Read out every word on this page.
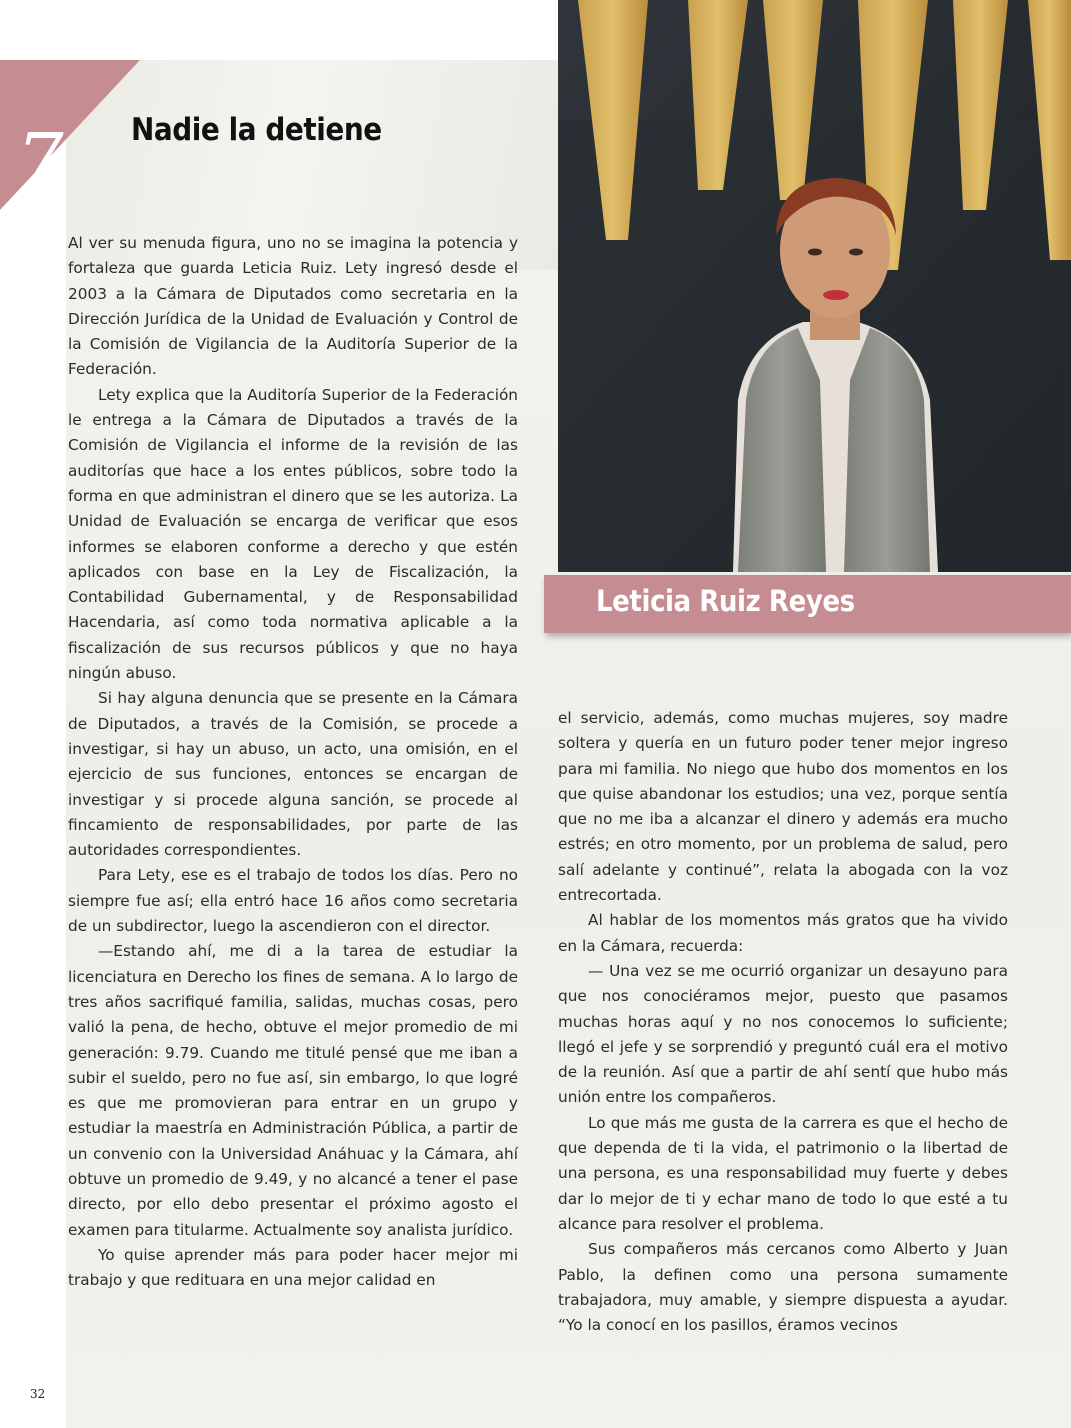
7 Nadie la detiene
Leticia Ruiz Reyes

Al ver su menuda figura, uno no se imagina la potencia y fortaleza que guarda Leticia Ruiz. Lety ingresó desde el 2003 a la Cámara de Diputados como secretaria en la Dirección Jurídica de la Unidad de Evaluación y Control de la Comisión de Vigilancia de la Auditoría Superior de la Federación.

Lety explica que la Auditoría Superior de la Federación le entrega a la Cámara de Diputados a través de la Comisión de Vigilancia el informe de la revisión de las auditorías que hace a los entes públicos, sobre todo la forma en que administran el dinero que se les autoriza. La Unidad de Evaluación se encarga de verificar que esos informes se elaboren conforme a derecho y que estén aplicados con base en la Ley de Fiscalización, la Contabilidad Gubernamental, y de Responsabilidad Hacendaria, así como toda normativa aplicable a la fiscalización de sus recursos públicos y que no haya ningún abuso.

Si hay alguna denuncia que se presente en la Cámara de Diputados, a través de la Comisión, se procede a investigar, si hay un abuso, un acto, una omisión, en el ejercicio de sus funciones, entonces se encargan de investigar y si procede alguna sanción, se procede al fincamiento de responsabilidades, por parte de las autoridades correspondientes.

Para Lety, ese es el trabajo de todos los días. Pero no siempre fue así; ella entró hace 16 años como secretaria de un subdirector, luego la ascendieron con el director.

—Estando ahí, me di a la tarea de estudiar la licenciatura en Derecho los fines de semana. A lo largo de tres años sacrifiqué familia, salidas, muchas cosas, pero valió la pena, de hecho, obtuve el mejor promedio de mi generación: 9.79. Cuando me titulé pensé que me iban a subir el sueldo, pero no fue así, sin embargo, lo que logré es que me promovieran para entrar en un grupo y estudiar la maestría en Administración Pública, a partir de un convenio con la Universidad Anáhuac y la Cámara, ahí obtuve un promedio de 9.49, y no alcancé a tener el pase directo, por ello debo presentar el próximo agosto el examen para titularme. Actualmente soy analista jurídico.

Yo quise aprender más para poder hacer mejor mi trabajo y que redituara en una mejor calidad en

el servicio, además, como muchas mujeres, soy madre soltera y quería en un futuro poder tener mejor ingreso para mi familia. No niego que hubo dos momentos en los que quise abandonar los estudios; una vez, porque sentía que no me iba a alcanzar el dinero y además era mucho estrés; en otro momento, por un problema de salud, pero salí adelante y continué”, relata la abogada con la voz entrecortada.

Al hablar de los momentos más gratos que ha vivido en la Cámara, recuerda:

— Una vez se me ocurrió organizar un desayuno para que nos conociéramos mejor, puesto que pasamos muchas horas aquí y no nos conocemos lo suficiente; llegó el jefe y se sorprendió y preguntó cuál era el motivo de la reunión. Así que a partir de ahí sentí que hubo más unión entre los compañeros.

Lo que más me gusta de la carrera es que el hecho de que dependa de ti la vida, el patrimonio o la libertad de una persona, es una responsabilidad muy fuerte y debes dar lo mejor de ti y echar mano de todo lo que esté a tu alcance para resolver el problema.

Sus compañeros más cercanos como Alberto y Juan Pablo, la definen como una persona sumamente trabajadora, muy amable, y siempre dispuesta a ayudar. “Yo la conocí en los pasillos, éramos vecinos

32
